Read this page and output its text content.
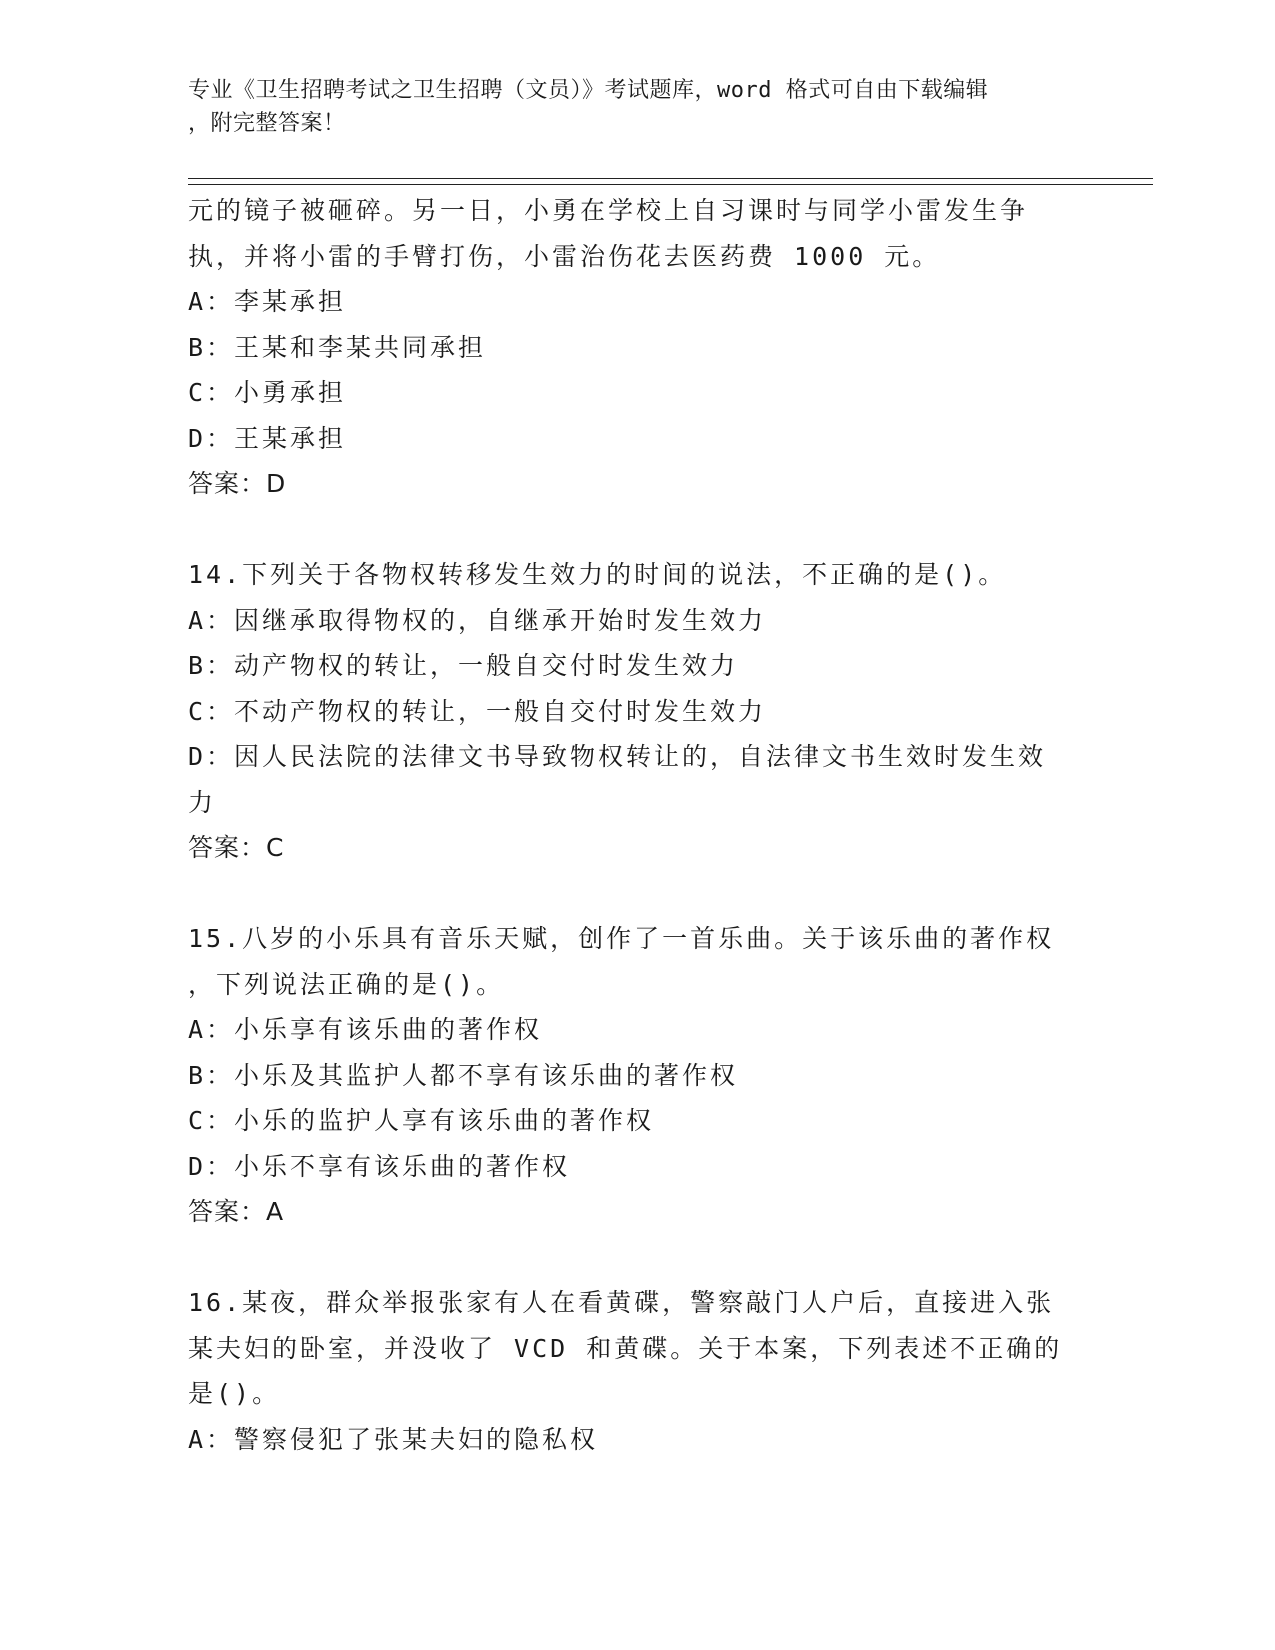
专业《卫生招聘考试之卫生招聘（文员）》考试题库，word 格式可自由下载编辑
，附完整答案！

元的镜子被砸碎。另一日，小勇在学校上自习课时与同学小雷发生争

执，并将小雷的手臂打伤，小雷治伤花去医药费 1000 元。

A：李某承担

B：王某和李某共同承担

C：小勇承担

D：王某承担

答案：D

14.下列关于各物权转移发生效力的时间的说法，不正确的是()。

A：因继承取得物权的，自继承开始时发生效力

B：动产物权的转让，一般自交付时发生效力

C：不动产物权的转让，一般自交付时发生效力

D：因人民法院的法律文书导致物权转让的，自法律文书生效时发生效

力

答案：C

15.八岁的小乐具有音乐天赋，创作了一首乐曲。关于该乐曲的著作权

，下列说法正确的是()。

A：小乐享有该乐曲的著作权

B：小乐及其监护人都不享有该乐曲的著作权

C：小乐的监护人享有该乐曲的著作权

D：小乐不享有该乐曲的著作权

答案：A

16.某夜，群众举报张家有人在看黄碟，警察敲门人户后，直接进入张

某夫妇的卧室，并没收了 VCD 和黄碟。关于本案，下列表述不正确的

是()。

A：警察侵犯了张某夫妇的隐私权
